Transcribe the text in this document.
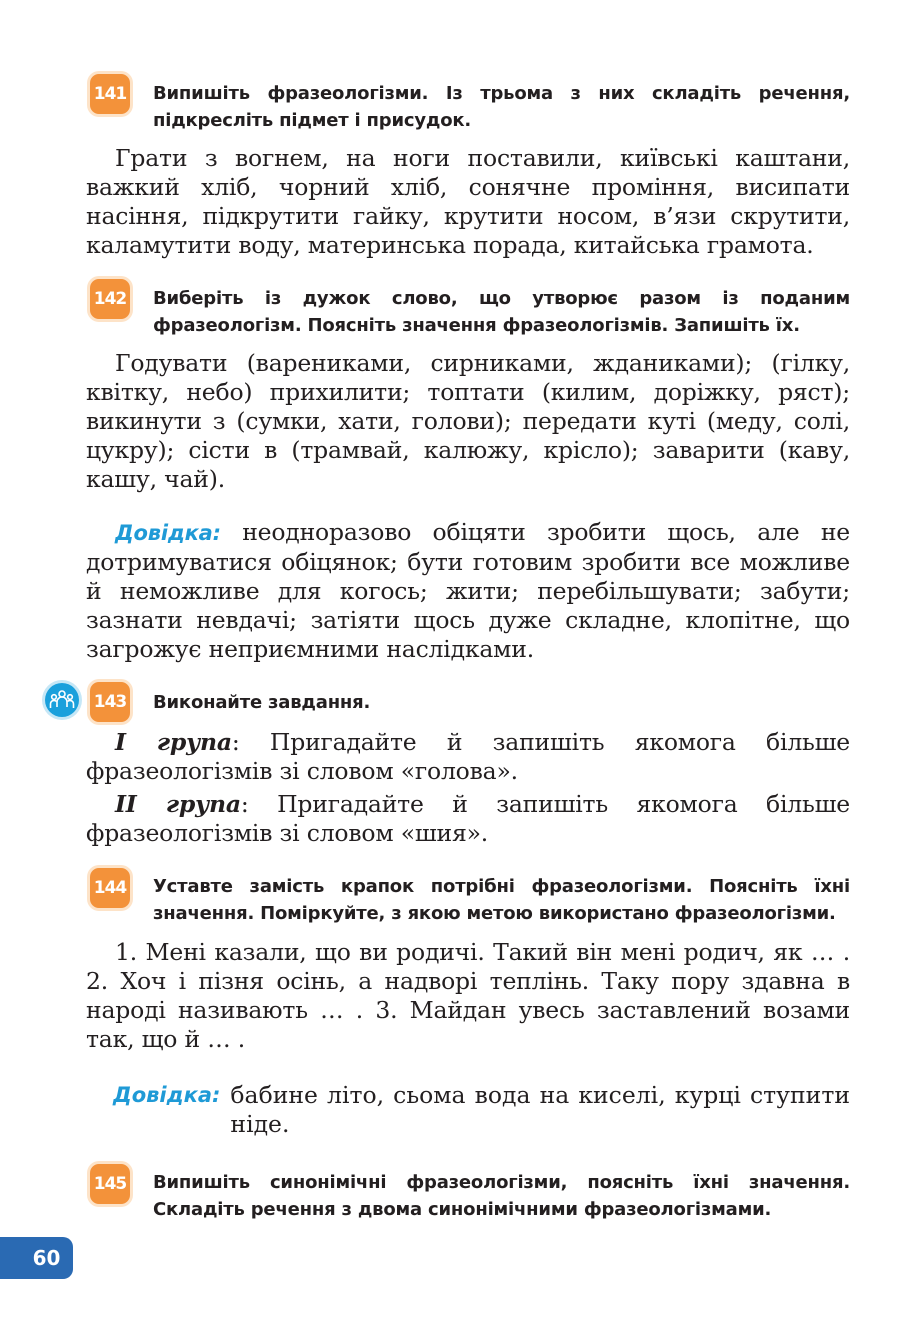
141 Випишіть фразеологізми. Із трьома з них складіть речення, підкресліть підмет і присудок.

Грати з вогнем, на ноги поставили, київські каштани, важкий хліб, чорний хліб, сонячне проміння, висипати насіння, підкрутити гайку, крутити носом, в’язи скрутити, каламутити воду, материнська порада, китайська грамота.

142 Виберіть із дужок слово, що утворює разом із поданим фразеологізм. Поясніть значення фразеологізмів. Запишіть їх.

Годувати (варениками, сирниками, жданиками); (гілку, квітку, небо) прихилити; топтати (килим, доріжку, ряст); викинути з (сумки, хати, голови); передати куті (меду, солі, цукру); сісти в (трамвай, калюжу, крісло); заварити (каву, кашу, чай).

Довідка: неодноразово обіцяти зробити щось, але не дотримуватися обіцянок; бути готовим зробити все можливе й неможливе для когось; жити; перебільшувати; забути; зазнати невдачі; затіяти щось дуже складне, клопітне, що загрожує неприємними наслідками.

143 Виконайте завдання.

І група: Пригадайте й запишіть якомога більше фразеологізмів зі словом «голова».

ІІ група: Пригадайте й запишіть якомога більше фразеологізмів зі словом «шия».

144 Уставте замість крапок потрібні фразеологізми. Поясніть їхні значення. Поміркуйте, з якою метою використано фразеологізми.

1. Мені казали, що ви родичі. Такий він мені родич, як … . 2. Хоч і пізня осінь, а надворі теплінь. Таку пору здавна в народі називають … . 3. Майдан увесь заставлений возами так, що й … .

Довідка: бабине літо, сьома вода на киселі, курці ступити ніде.
145 Випишіть синонімічні фразеологізми, поясніть їхні значення. Складіть речення з двома синонімічними фразеологізмами.
60
